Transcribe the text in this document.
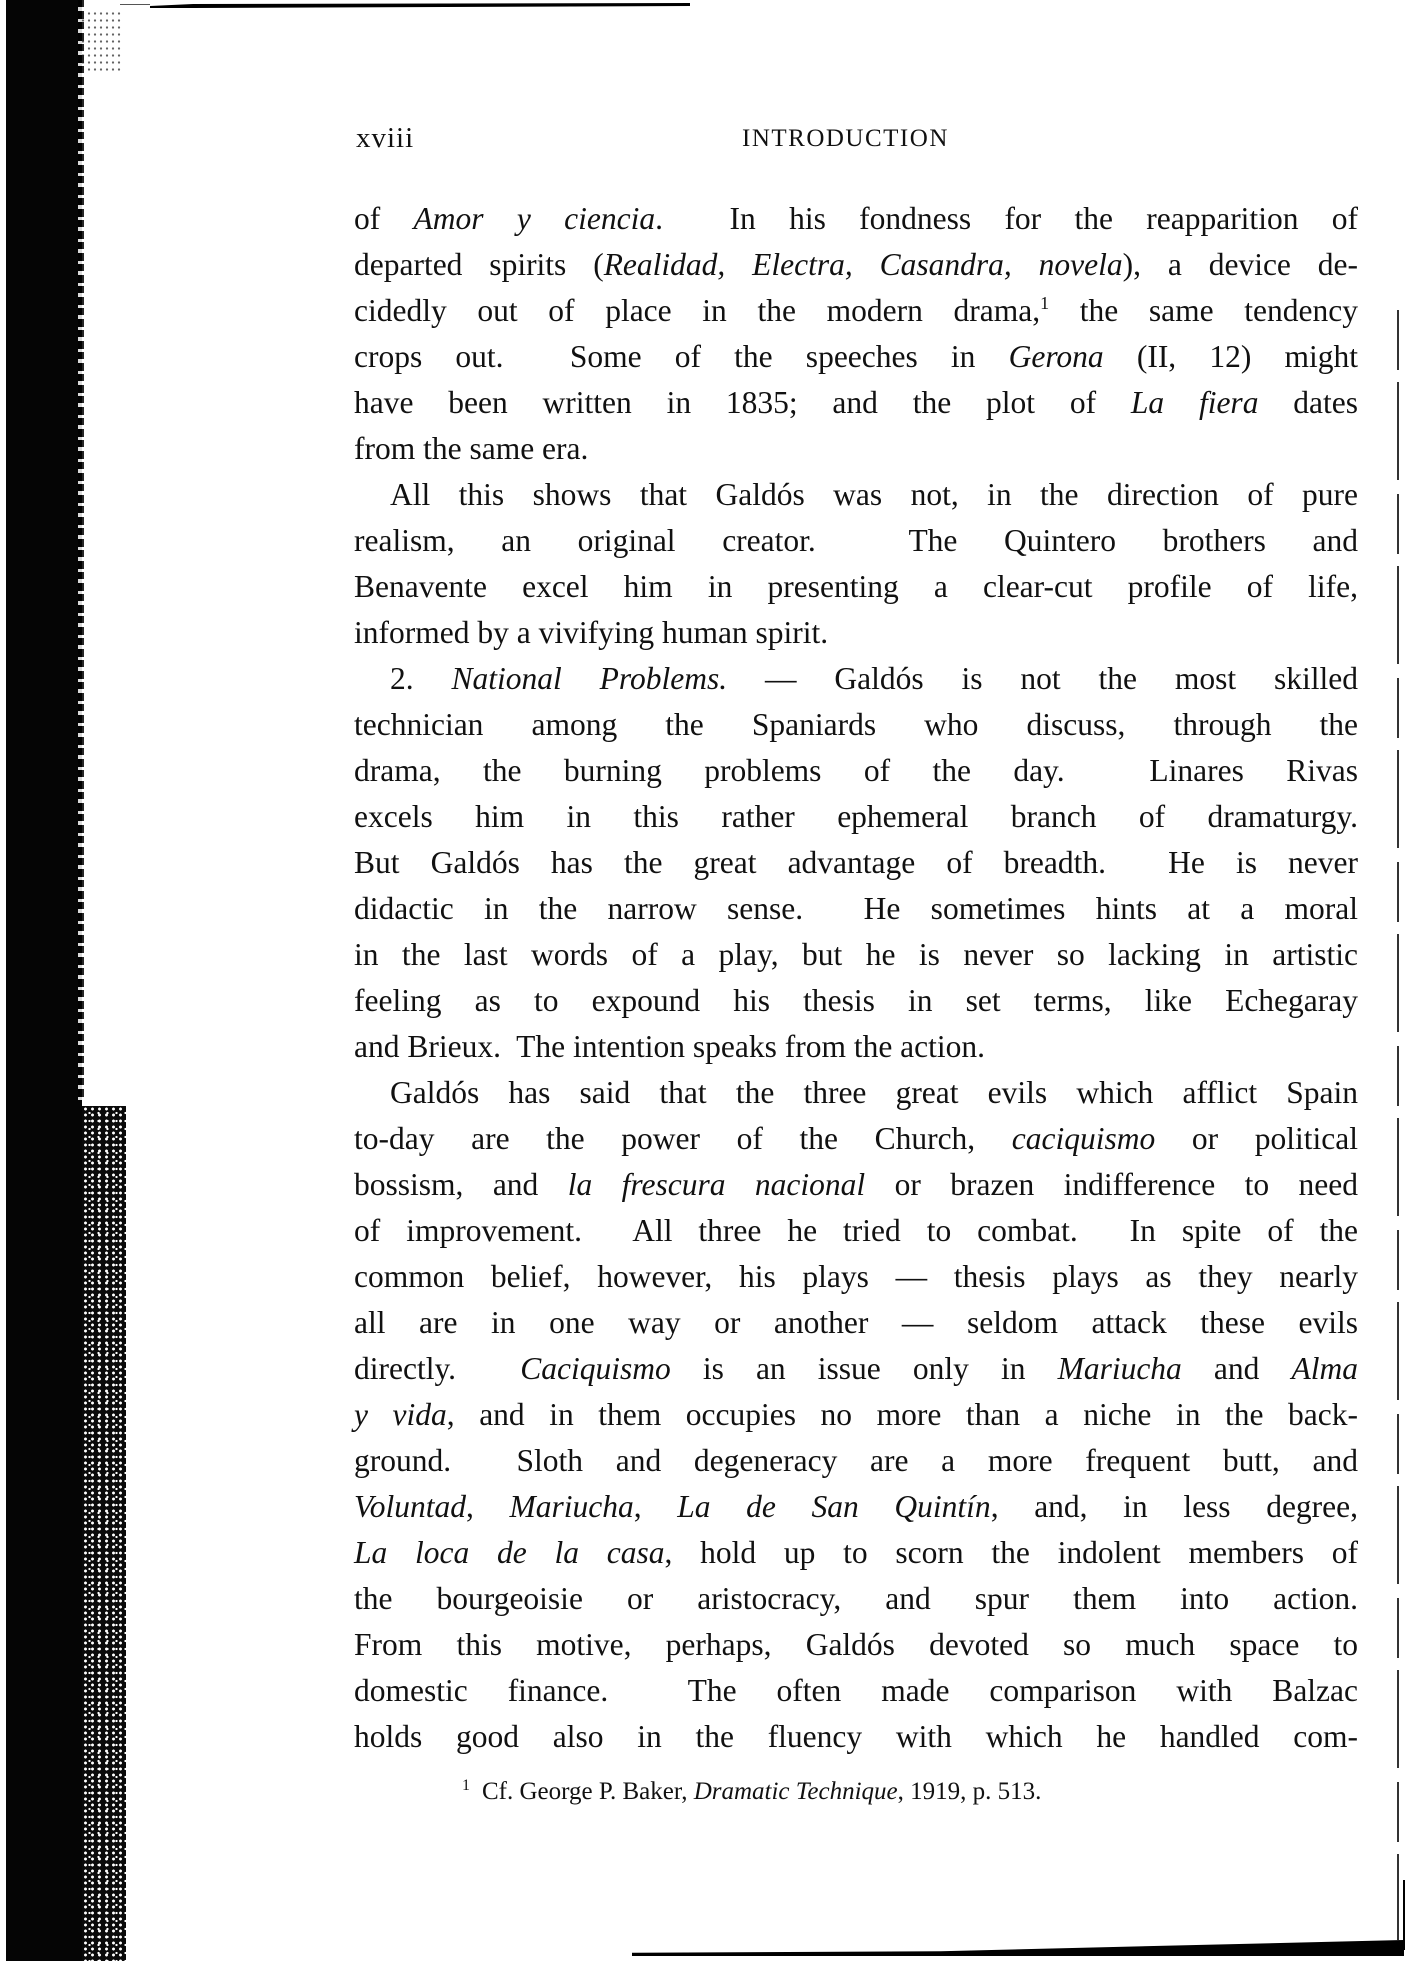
xviii	INTRODUCTION
of Amor y ciencia.  In his fondness for the reapparition of
departed spirits (Realidad, Electra, Casandra, novela), a device de-
cidedly out of place in the modern drama,$^1$ the same tendency
crops out.  Some of the speeches in Gerona (II, 12) might
have been written in 1835; and the plot of La fiera dates
from the same era.
All this shows that Galdós was not, in the direction of pure
realism, an original creator.  The Quintero brothers and
Benavente excel him in presenting a clear-cut profile of life,
informed by a vivifying human spirit.
2. National Problems. — Galdós is not the most skilled
technician among the Spaniards who discuss, through the
drama, the burning problems of the day.  Linares Rivas
excels him in this rather ephemeral branch of dramaturgy.
But Galdós has the great advantage of breadth.  He is never
didactic in the narrow sense.  He sometimes hints at a moral
in the last words of a play, but he is never so lacking in artistic
feeling as to expound his thesis in set terms, like Echegaray
and Brieux.  The intention speaks from the action.
Galdós has said that the three great evils which afflict Spain
to-day are the power of the Church, caciquismo or political
bossism, and la frescura nacional or brazen indifference to need
of improvement.  All three he tried to combat.  In spite of the
common belief, however, his plays — thesis plays as they nearly
all are in one way or another — seldom attack these evils
directly.  Caciquismo is an issue only in Mariucha and Alma
y vida, and in them occupies no more than a niche in the back-
ground.  Sloth and degeneracy are a more frequent butt, and
Voluntad, Mariucha, La de San Quintín, and, in less degree,
La loca de la casa, hold up to scorn the indolent members of
the bourgeoisie or aristocracy, and spur them into action.
From this motive, perhaps, Galdós devoted so much space to
domestic finance.  The often made comparison with Balzac
holds good also in the fluency with which he handled com-
$^1$ Cf. George P. Baker, Dramatic Technique, 1919, p. 513.
